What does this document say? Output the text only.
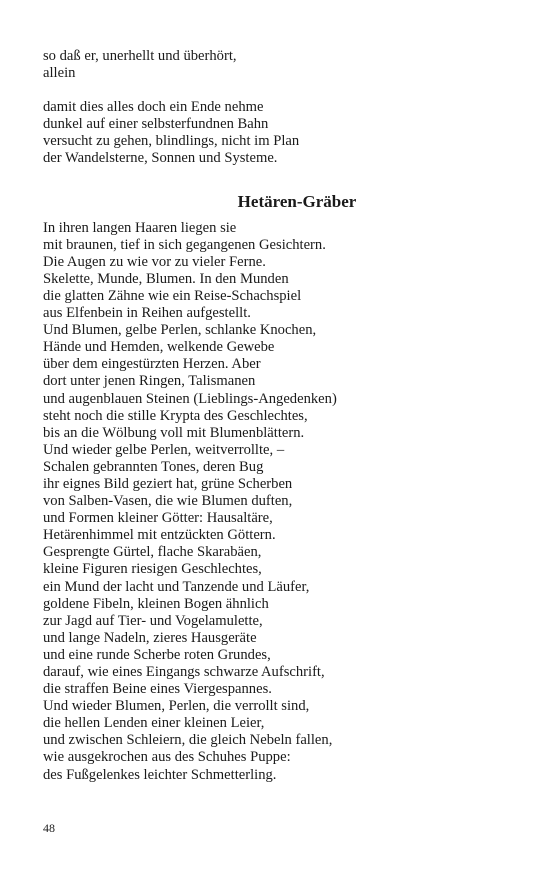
so daß er, unerhellt und überhört,
allein
damit dies alles doch ein Ende nehme
dunkel auf einer selbsterfundnen Bahn
versucht zu gehen, blindlings, nicht im Plan
der Wandelsterne, Sonnen und Systeme.
Hetären-Gräber
In ihren langen Haaren liegen sie
mit braunen, tief in sich gegangenen Gesichtern.
Die Augen zu wie vor zu vieler Ferne.
Skelette, Munde, Blumen. In den Munden
die glatten Zähne wie ein Reise-Schachspiel
aus Elfenbein in Reihen aufgestellt.
Und Blumen, gelbe Perlen, schlanke Knochen,
Hände und Hemden, welkende Gewebe
über dem eingestürzten Herzen. Aber
dort unter jenen Ringen, Talismanen
und augenblauen Steinen (Lieblings-Angedenken)
steht noch die stille Krypta des Geschlechtes,
bis an die Wölbung voll mit Blumenblättern.
Und wieder gelbe Perlen, weitverrollte, –
Schalen gebrannten Tones, deren Bug
ihr eignes Bild geziert hat, grüne Scherben
von Salben-Vasen, die wie Blumen duften,
und Formen kleiner Götter: Hausaltäre,
Hetärenhimmel mit entzückten Göttern.
Gesprengte Gürtel, flache Skarabäen,
kleine Figuren riesigen Geschlechtes,
ein Mund der lacht und Tanzende und Läufer,
goldene Fibeln, kleinen Bogen ähnlich
zur Jagd auf Tier- und Vogelamulette,
und lange Nadeln, zieres Hausgeräte
und eine runde Scherbe roten Grundes,
darauf, wie eines Eingangs schwarze Aufschrift,
die straffen Beine eines Viergespannes.
Und wieder Blumen, Perlen, die verrollt sind,
die hellen Lenden einer kleinen Leier,
und zwischen Schleiern, die gleich Nebeln fallen,
wie ausgekrochen aus des Schuhes Puppe:
des Fußgelenkes leichter Schmetterling.
48
